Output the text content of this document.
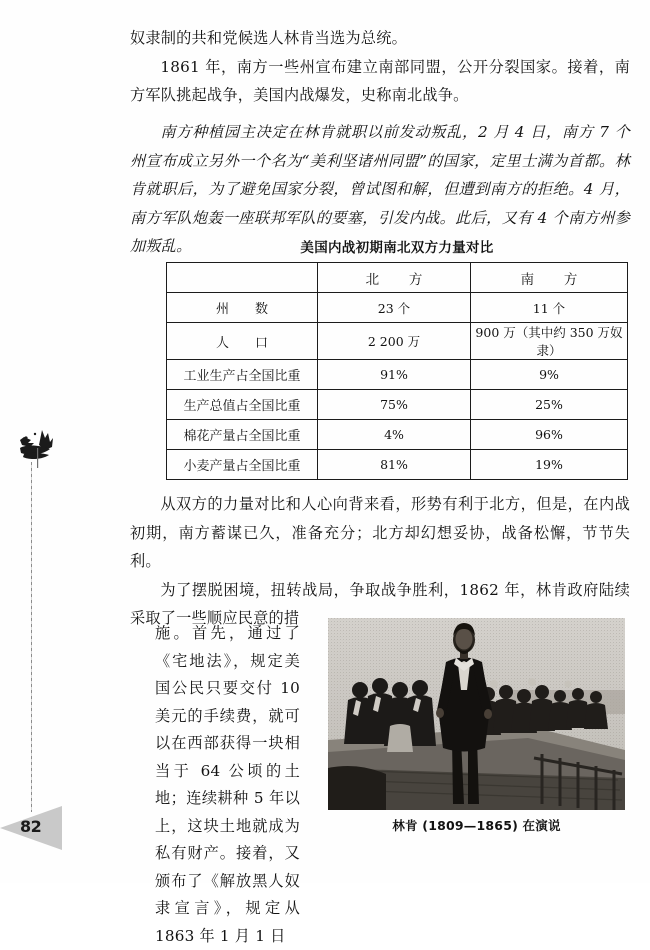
82

奴隶制的共和党候选人林肯当选为总统。

1861 年，南方一些州宣布建立南部同盟，公开分裂国家。接着，南方军队挑起战争，美国内战爆发，史称南北战争。

南方种植园主决定在林肯就职以前发动叛乱，2 月 4 日，南方 7 个州宣布成立另外一个名为“美利坚诸州同盟”的国家，定里士满为首都。林肯就职后，为了避免国家分裂，曾试图和解，但遭到南方的拒绝。4 月，南方军队炮轰一座联邦军队的要塞，引发内战。此后，又有 4 个南方州参加叛乱。	美国内战初期南北双方力量对比
	北　方	南　方
州　　数	23 个	11 个
人　　口	2 200 万	900 万（其中约 350 万奴隶）
工业生产占全国比重	91%	9%
生产总值占全国比重	75%	25%
棉花产量占全国比重	4%	96%
小麦产量占全国比重	81%	19%

从双方的力量对比和人心向背来看，形势有利于北方，但是，在内战初期，南方蓄谋已久，准备充分；北方却幻想妥协，战备松懈，节节失利。

为了摆脱困境，扭转战局，争取战争胜利，1862 年，林肯政府陆续采取了一些顺应民意的措

施。首先，通过了《宅地法》，规定美国公民只要交付 10 美元的手续费，就可以在西部获得一块相当于 64 公顷的土地；连续耕种 5 年以上，这块土地就成为私有财产。接着，又颁布了《解放黑人奴隶宣言》，规定从 1863 年 1 月 1 日

林肯 (1809—1865) 在演说
